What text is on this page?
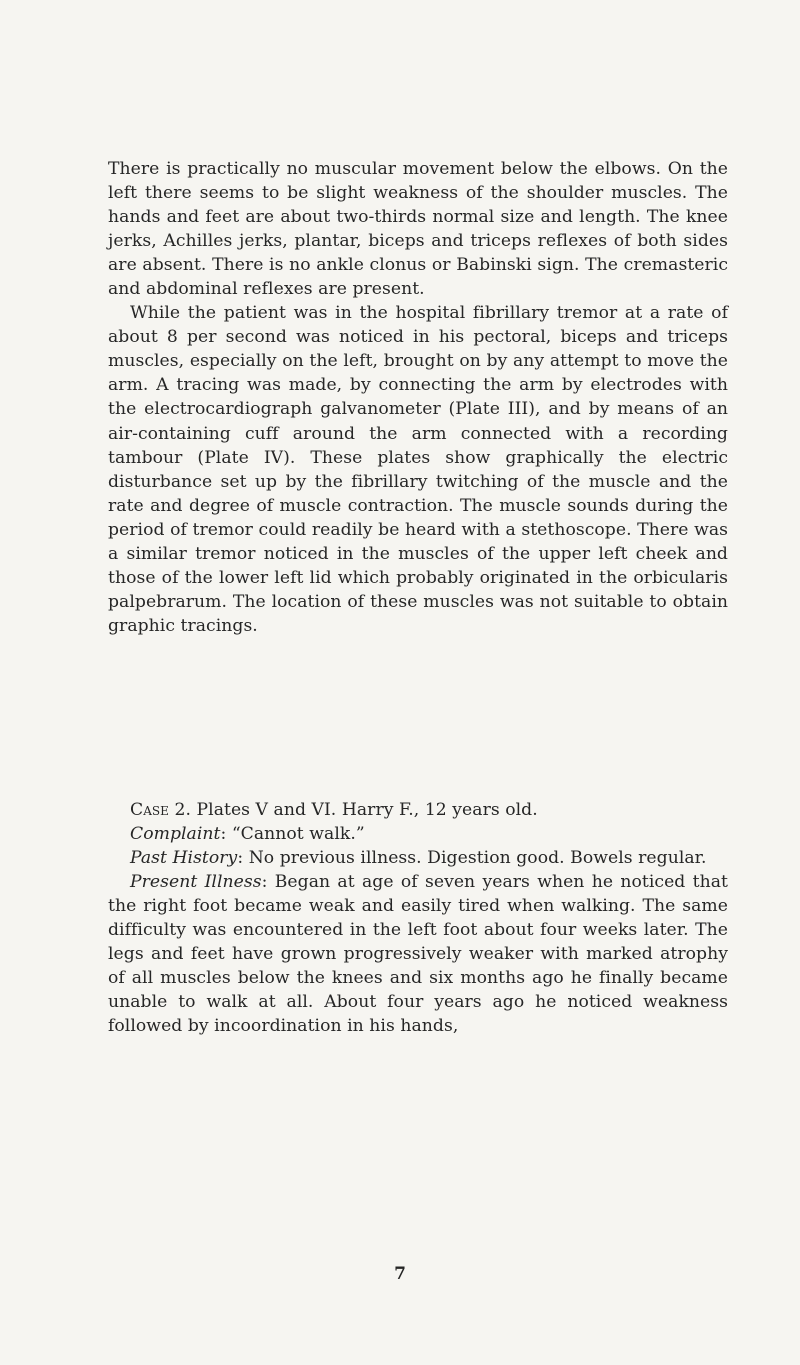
There is practically no muscular movement below the elbows. On the left there seems to be slight weakness of the shoulder muscles. The hands and feet are about two-thirds normal size and length. The knee jerks, Achilles jerks, plantar, biceps and triceps reflexes of both sides are absent. There is no ankle clonus or Babinski sign. The cremasteric and abdominal reflexes are present.

While the patient was in the hospital fibrillary tremor at a rate of about 8 per second was noticed in his pectoral, biceps and triceps muscles, especially on the left, brought on by any attempt to move the arm. A tracing was made, by connecting the arm by electrodes with the electrocardiograph galvanometer (Plate III), and by means of an air-containing cuff around the arm connected with a recording tambour (Plate IV). These plates show graphically the electric disturbance set up by the fibrillary twitching of the muscle and the rate and degree of muscle contraction. The muscle sounds during the period of tremor could readily be heard with a stethoscope. There was a similar tremor noticed in the muscles of the upper left cheek and those of the lower left lid which probably originated in the orbicularis palpebrarum. The location of these muscles was not suitable to obtain graphic tracings.

Case 2. Plates V and VI. Harry F., 12 years old.

Complaint: “Cannot walk.”

Past History: No previous illness. Digestion good. Bowels regular.

Present Illness: Began at age of seven years when he noticed that the right foot became weak and easily tired when walking. The same difficulty was encountered in the left foot about four weeks later. The legs and feet have grown progressively weaker with marked atrophy of all muscles below the knees and six months ago he finally became unable to walk at all. About four years ago he noticed weakness followed by incoordination in his hands,

7
